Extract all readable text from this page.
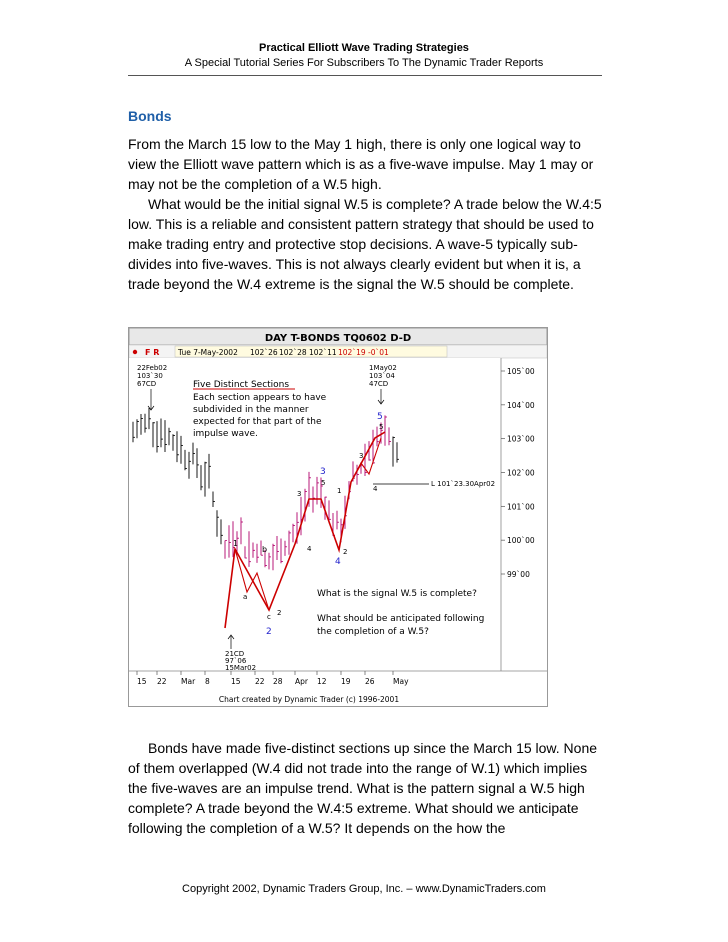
Practical Elliott Wave Trading Strategies
A Special Tutorial Series For Subscribers To The Dynamic Trader Reports
Bonds
From the March 15 low to the May 1 high, there is only one logical way to view the Elliott wave pattern which is as a five-wave impulse. May 1 may or may not be the completion of a W.5 high.
What would be the initial signal W.5 is complete? A trade below the W.4:5 low. This is a reliable and consistent pattern strategy that should be used to make trading entry and protective stop decisions. A wave-5 typically sub-divides into five-waves. This is not always clearly evident but when it is, a trade beyond the W.4 extreme is the signal the W.5 should be complete.
DAY T-BONDS TQ0602 D-D
F R Tue 7-May-2002 102`26 102`28 102`11 102`19 -0`01
105`00
104`00
103`00
102`00
101`00
100`00
99`00
15 22 Mar 8	15 22 28 Apr 12 19 26 May
L 101`23.30Apr02
22Feb02
103`30
67CD
1May02
103`04
47CD
21CD
97`06
15Mar02
Five Distinct Sections
Each section appears to have
subdivided in the manner
expected for that part of the
impulse wave.
What is the signal W.5 is complete?
What should be anticipated following
the completion of a W.5?
1
b
a
c 2
2
3
3
5
4
1
4
2
3
5
5
4
Chart created by Dynamic Trader (c) 1996-2001
Bonds have made five-distinct sections up since the March 15 low. None of them overlapped (W.4 did not trade into the range of W.1) which implies the five-waves are an impulse trend. What is the pattern signal a W.5 high complete? A trade beyond the W.4:5 extreme. What should we anticipate following the completion of a W.5? It depends on the how the
Copyright 2002, Dynamic Traders Group, Inc. – www.DynamicTraders.com
